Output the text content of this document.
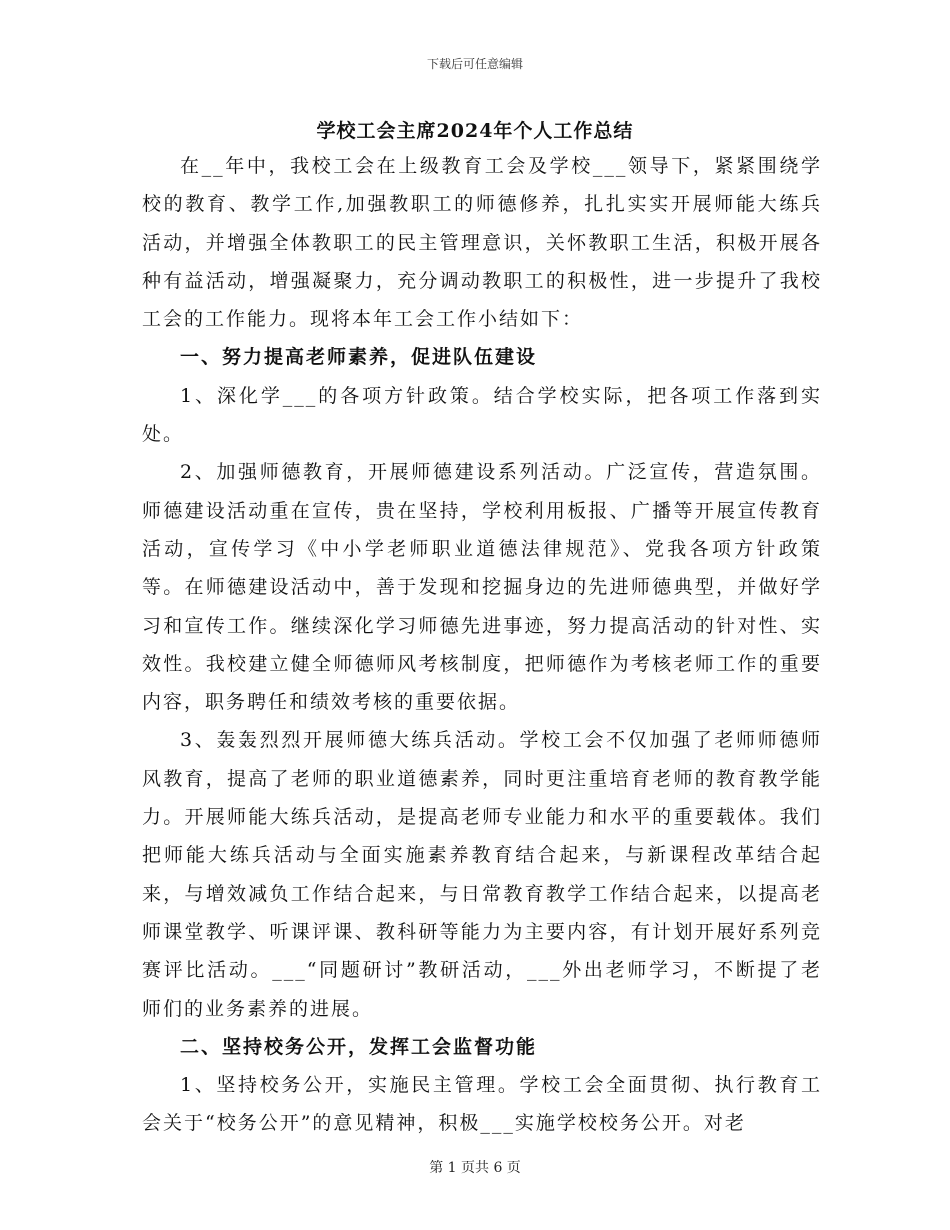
下载后可任意编辑
学校工会主席2024年个人工作总结

在__年中，我校工会在上级教育工会及学校___领导下，紧紧围绕学校的教育、教学工作,加强教职工的师德修养，扎扎实实开展师能大练兵活动，并增强全体教职工的民主管理意识，关怀教职工生活，积极开展各种有益活动，增强凝聚力，充分调动教职工的积极性，进一步提升了我校工会的工作能力。现将本年工会工作小结如下：

一、努力提高老师素养，促进队伍建设

1、深化学___的各项方针政策。结合学校实际，把各项工作落到实处。

2、加强师德教育，开展师德建设系列活动。广泛宣传，营造氛围。师德建设活动重在宣传，贵在坚持，学校利用板报、广播等开展宣传教育活动，宣传学习《中小学老师职业道德法律规范》、党我各项方针政策等。在师德建设活动中，善于发现和挖掘身边的先进师德典型，并做好学习和宣传工作。继续深化学习师德先进事迹，努力提高活动的针对性、实效性。我校建立健全师德师风考核制度，把师德作为考核老师工作的重要内容，职务聘任和绩效考核的重要依据。

3、轰轰烈烈开展师德大练兵活动。学校工会不仅加强了老师师德师风教育，提高了老师的职业道德素养，同时更注重培育老师的教育教学能力。开展师能大练兵活动，是提高老师专业能力和水平的重要载体。我们把师能大练兵活动与全面实施素养教育结合起来，与新课程改革结合起来，与增效减负工作结合起来，与日常教育教学工作结合起来，以提高老师课堂教学、听课评课、教科研等能力为主要内容，有计划开展好系列竞赛评比活动。___“同题研讨”教研活动，___外出老师学习，不断提了老师们的业务素养的进展。

二、坚持校务公开，发挥工会监督功能

1、坚持校务公开，实施民主管理。学校工会全面贯彻、执行教育工会关于“校务公开”的意见精神，积极___实施学校校务公开。对老

第 1 页共 6 页
